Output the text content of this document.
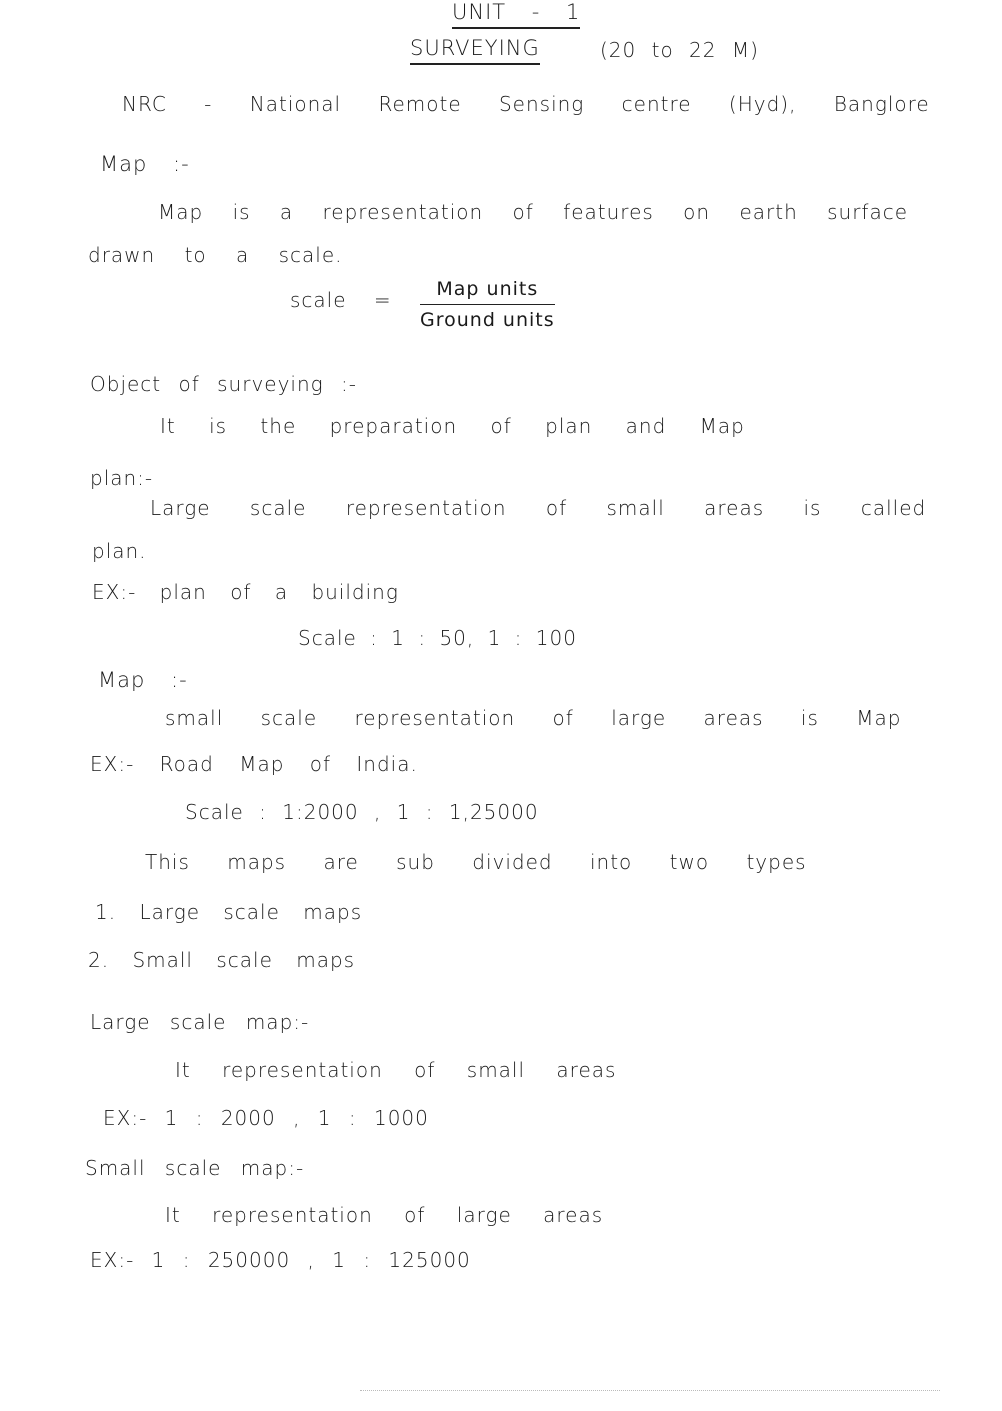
UNIT - 1
SURVEYING	(20 to 22 M)
NRC - National Remote Sensing centre (Hyd), Banglore
Map :-
Map is a representation of features on earth surface
drawn to a scale.
scale =	Map units
Ground units
Object of surveying :-
It is the preparation of plan and Map
plan:-
Large scale representation of small areas is called
plan.
EX:- plan of a building
Scale : 1 : 50, 1 : 100
Map :-
small scale representation of large areas is Map
EX:- Road Map of India.
Scale : 1:2000 , 1 : 1,25000
This maps are sub divided into two types
1. Large scale maps
2. Small scale maps
Large scale map:-
It representation of small areas
EX:- 1 : 2000 , 1 : 1000
Small scale map:-
It representation of large areas
EX:- 1 : 250000 , 1 : 125000
